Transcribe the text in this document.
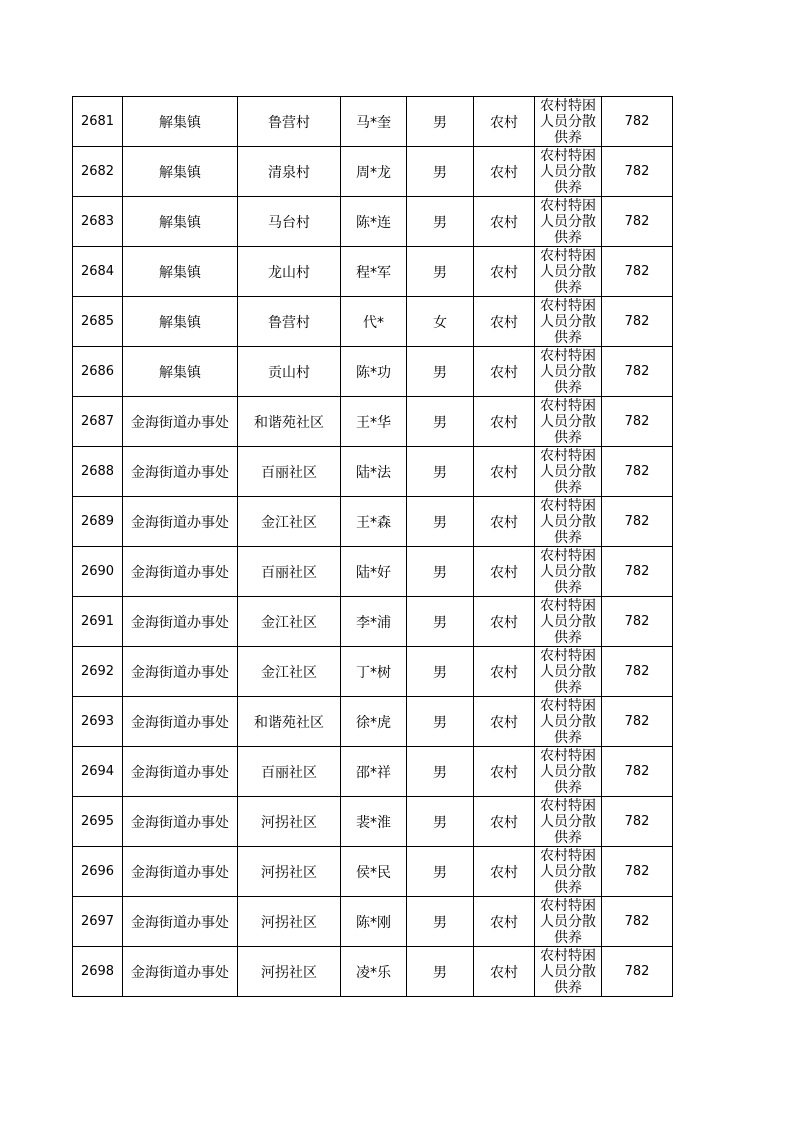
2681	解集镇	鲁营村	马*奎	男	农村	农村特困人员分散供养	782
2682	解集镇	清泉村	周*龙	男	农村	农村特困人员分散供养	782
2683	解集镇	马台村	陈*连	男	农村	农村特困人员分散供养	782
2684	解集镇	龙山村	程*军	男	农村	农村特困人员分散供养	782
2685	解集镇	鲁营村	代*	女	农村	农村特困人员分散供养	782
2686	解集镇	贡山村	陈*功	男	农村	农村特困人员分散供养	782
2687	金海街道办事处	和谐苑社区	王*华	男	农村	农村特困人员分散供养	782
2688	金海街道办事处	百丽社区	陆*法	男	农村	农村特困人员分散供养	782
2689	金海街道办事处	金江社区	王*森	男	农村	农村特困人员分散供养	782
2690	金海街道办事处	百丽社区	陆*好	男	农村	农村特困人员分散供养	782
2691	金海街道办事处	金江社区	李*浦	男	农村	农村特困人员分散供养	782
2692	金海街道办事处	金江社区	丁*树	男	农村	农村特困人员分散供养	782
2693	金海街道办事处	和谐苑社区	徐*虎	男	农村	农村特困人员分散供养	782
2694	金海街道办事处	百丽社区	邵*祥	男	农村	农村特困人员分散供养	782
2695	金海街道办事处	河拐社区	裴*淮	男	农村	农村特困人员分散供养	782
2696	金海街道办事处	河拐社区	侯*民	男	农村	农村特困人员分散供养	782
2697	金海街道办事处	河拐社区	陈*刚	男	农村	农村特困人员分散供养	782
2698	金海街道办事处	河拐社区	凌*乐	男	农村	农村特困人员分散供养	782
